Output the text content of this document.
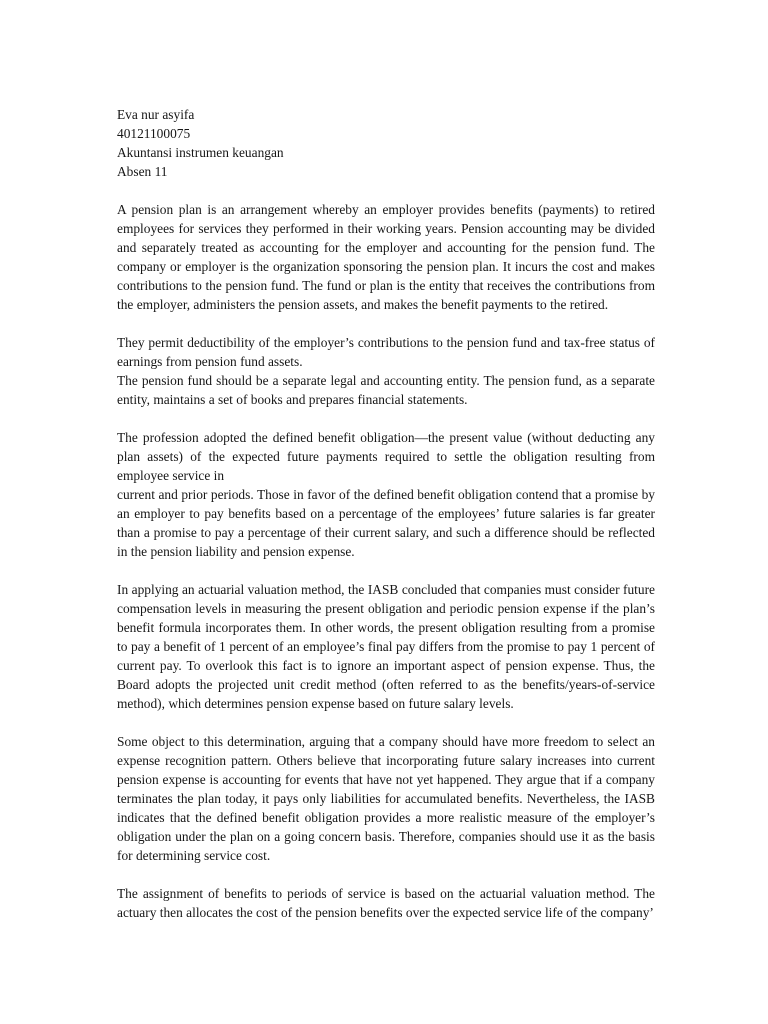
Eva nur asyifa
40121100075
Akuntansi instrumen keuangan
Absen 11

A pension plan is an arrangement whereby an employer provides benefits (payments) to retired employees for services they performed in their working years. Pension accounting may be divided and separately treated as accounting for the employer and accounting for the pension fund. The company or employer is the organization sponsoring the pension plan. It incurs the cost and makes contributions to the pension fund. The fund or plan is the entity that receives the contributions from the employer, administers the pension assets, and makes the benefit payments to the retired.

They permit deductibility of the employer’s contributions to the pension fund and tax-free status of earnings from pension fund assets.

The pension fund should be a separate legal and accounting entity. The pension fund, as a separate entity, maintains a set of books and prepares financial statements.

The profession adopted the defined benefit obligation—the present value (without deducting any plan assets) of the expected future payments required to settle the obligation resulting from employee service in

current and prior periods. Those in favor of the defined benefit obligation contend that a promise by an employer to pay benefits based on a percentage of the employees’ future salaries is far greater than a promise to pay a percentage of their current salary, and such a difference should be reflected in the pension liability and pension expense.

In applying an actuarial valuation method, the IASB concluded that companies must consider future compensation levels in measuring the present obligation and periodic pension expense if the plan’s benefit formula incorporates them. In other words, the present obligation resulting from a promise to pay a benefit of 1 percent of an employee’s final pay differs from the promise to pay 1 percent of current pay. To overlook this fact is to ignore an important aspect of pension expense. Thus, the Board adopts the projected unit credit method (often referred to as the benefits/years-of-service method), which determines pension expense based on future salary levels.

Some object to this determination, arguing that a company should have more freedom to select an expense recognition pattern. Others believe that incorporating future salary increases into current pension expense is accounting for events that have not yet happened. They argue that if a company terminates the plan today, it pays only liabilities for accumulated benefits. Nevertheless, the IASB indicates that the defined benefit obligation provides a more realistic measure of the employer’s obligation under the plan on a going concern basis. Therefore, companies should use it as the basis for determining service cost.

The assignment of benefits to periods of service is based on the actuarial valuation method. The actuary then allocates the cost of the pension benefits over the expected service life of the company’
